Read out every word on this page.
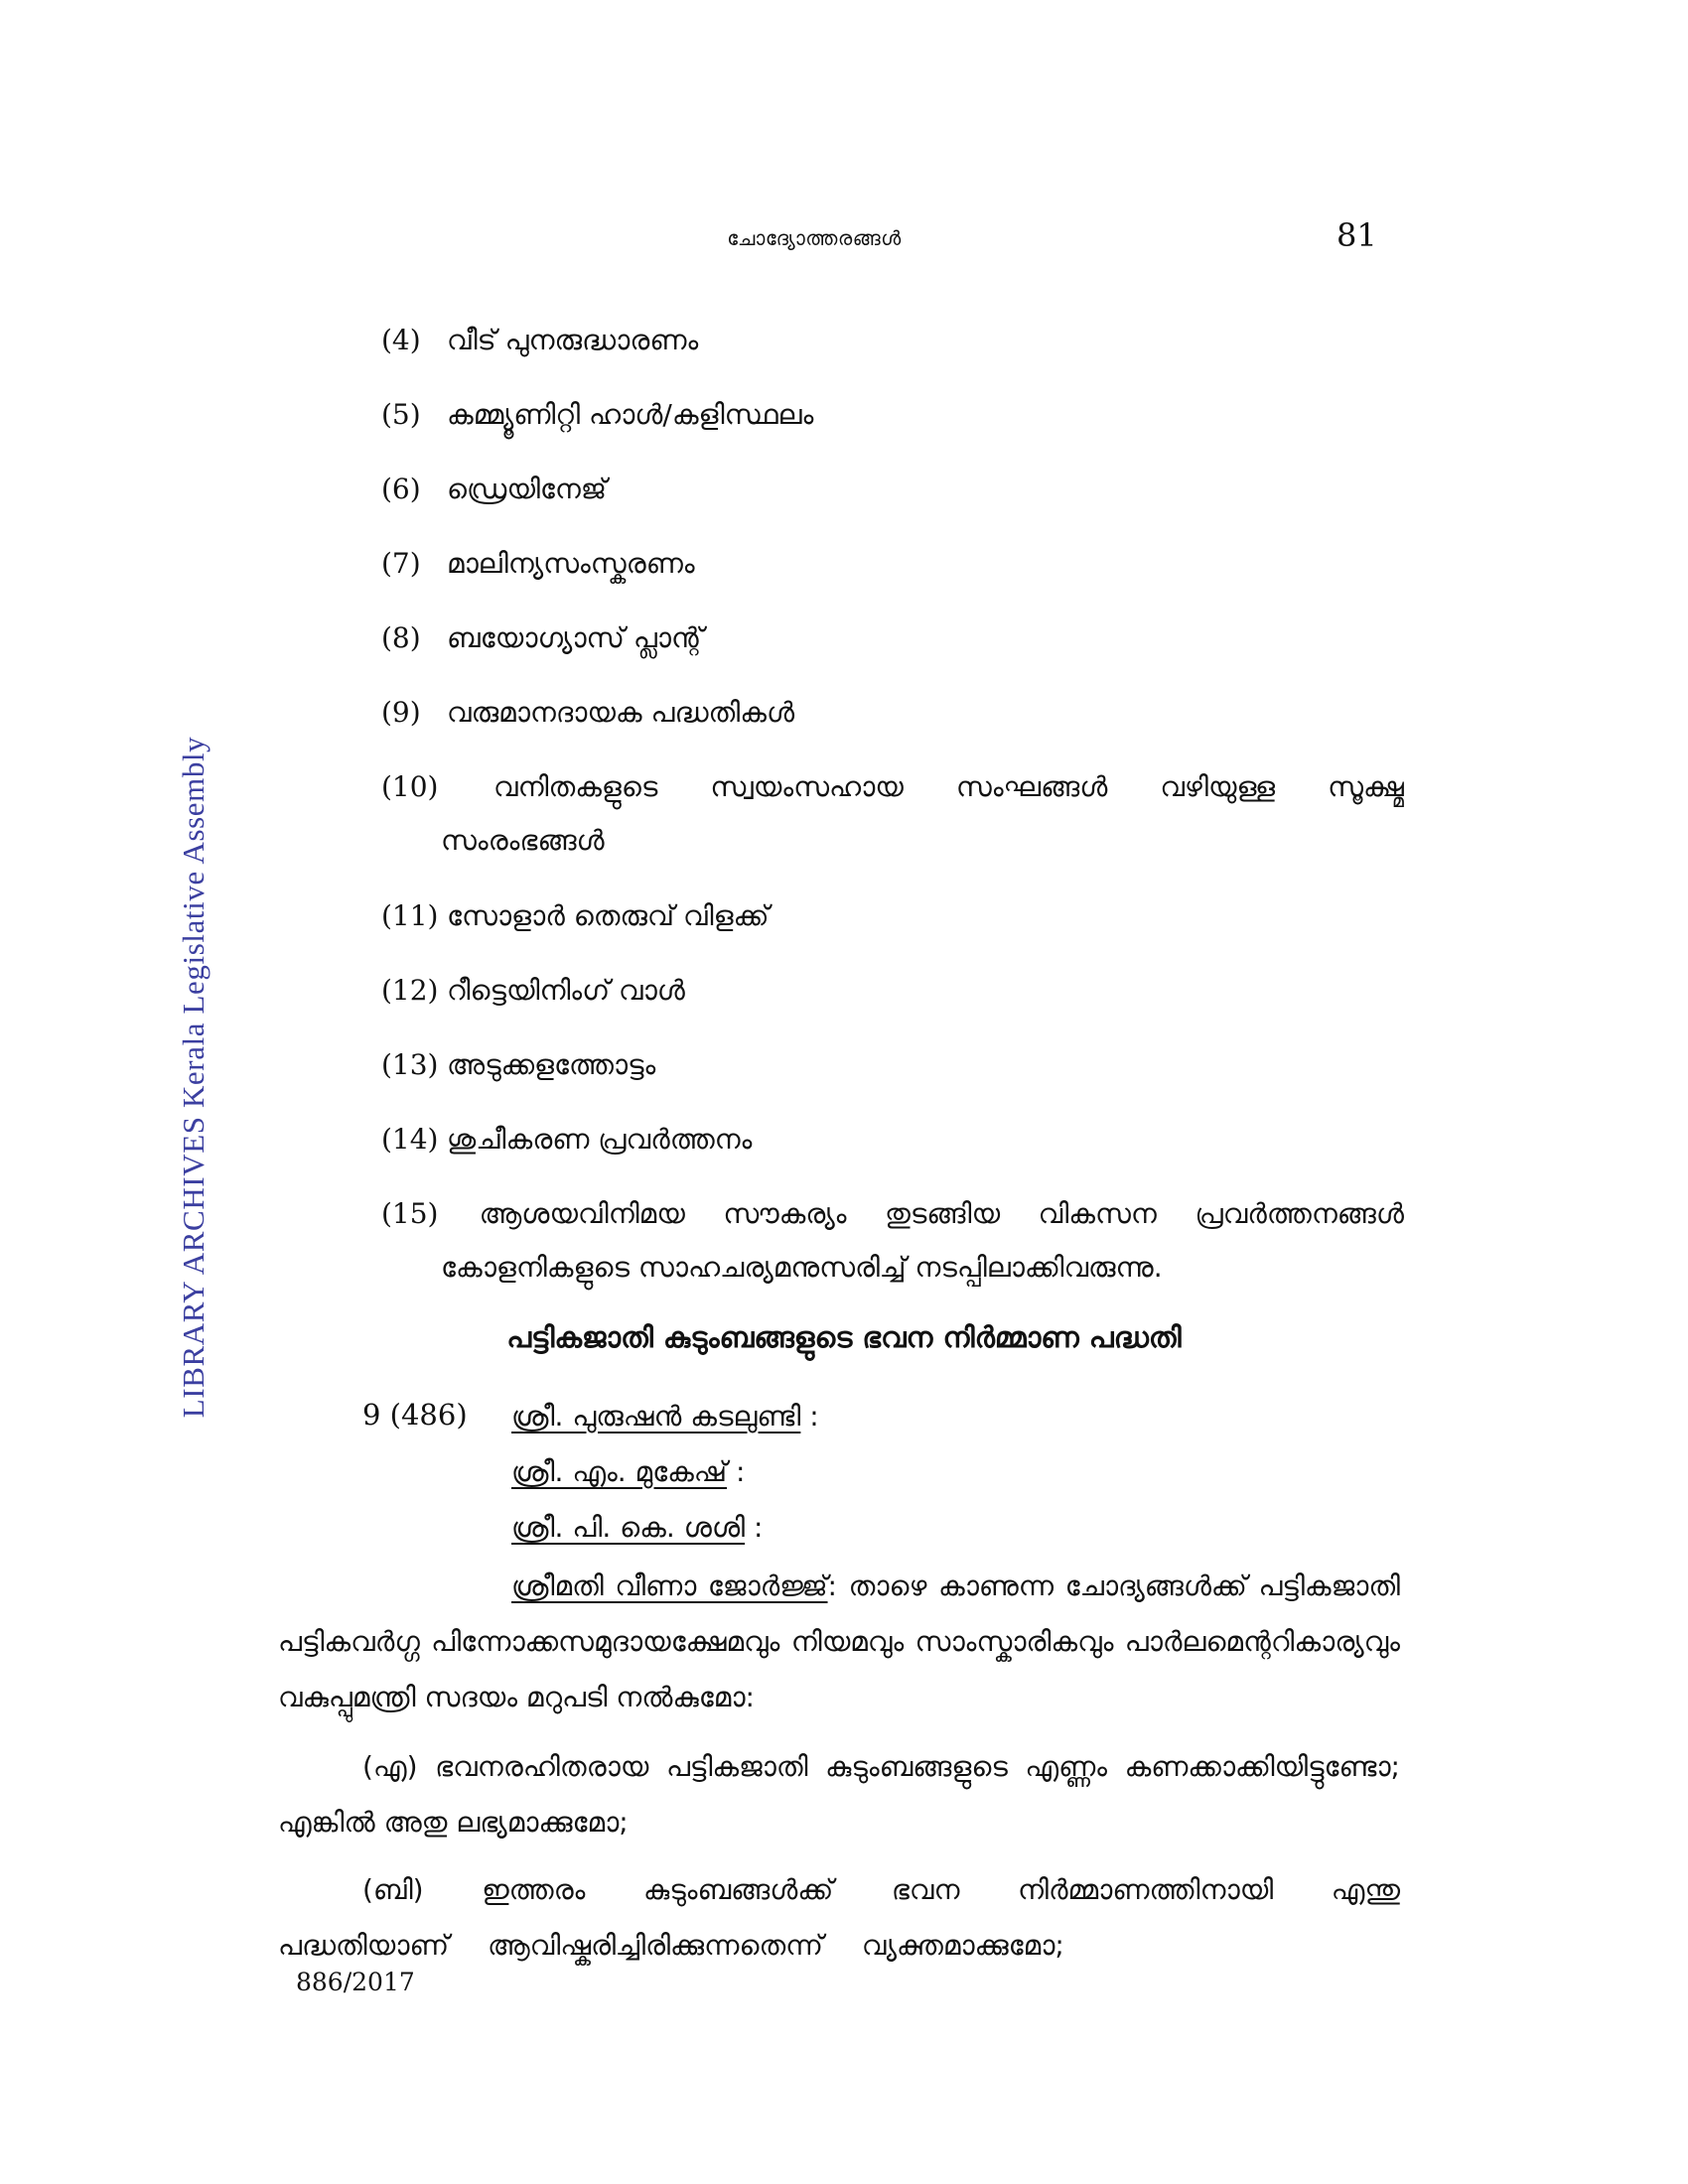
ചോദ്യോത്തരങ്ങൾ	81
LIBRARY ARCHIVES Kerala Legislative Assembly
(4) വീട് പുനരുദ്ധാരണം
(5) കമ്മ്യൂണിറ്റി ഹാൾ/കളിസ്ഥലം
(6) ഡ്രെയിനേജ്
(7) മാലിന്യസംസ്കരണം
(8) ബയോഗ്യാസ് പ്ലാന്റ്
(9) വരുമാനദായക പദ്ധതികൾ
(10) വനിതകളുടെ സ്വയംസഹായ സംഘങ്ങൾ വഴിയുള്ള സൂക്ഷ്മ
സംരംഭങ്ങൾ
(11) സോളാർ തെരുവ് വിളക്ക്
(12) റീട്ടെയിനിംഗ് വാൾ
(13) അടുക്കളത്തോട്ടം
(14) ശുചീകരണ പ്രവർത്തനം
(15) ആശയവിനിമയ സൗകര്യം തുടങ്ങിയ വികസന പ്രവർത്തനങ്ങൾ
കോളനികളുടെ സാഹചര്യമനുസരിച്ച് നടപ്പിലാക്കിവരുന്നു.
പട്ടികജാതി കുടുംബങ്ങളുടെ ഭവന നിർമ്മാണ പദ്ധതി
9 (486) ശ്രീ. പുരുഷൻ കടലുണ്ടി :
ശ്രീ. എം. മുകേഷ് :
ശ്രീ. പി. കെ. ശശി :
ശ്രീമതി വീണാ ജോർജ്ജ്: താഴെ കാണുന്ന ചോദ്യങ്ങൾക്ക് പട്ടികജാതി പട്ടികവർഗ്ഗ പിന്നോക്കസമുദായക്ഷേമവും നിയമവും സാംസ്കാരികവും പാർലമെന്ററികാര്യവും വകുപ്പുമന്ത്രി സദയം മറുപടി നൽകുമോ:
(എ) ഭവനരഹിതരായ പട്ടികജാതി കുടുംബങ്ങളുടെ എണ്ണം കണക്കാക്കിയിട്ടുണ്ടോ; എങ്കിൽ അതു ലഭ്യമാക്കുമോ;
(ബി) ഇത്തരം കുടുംബങ്ങൾക്ക് ഭവന നിർമ്മാണത്തിനായി എന്തു പദ്ധതിയാണ് ആവിഷ്കരിച്ചിരിക്കുന്നതെന്ന് വ്യക്തമാക്കുമോ;
886/2017
